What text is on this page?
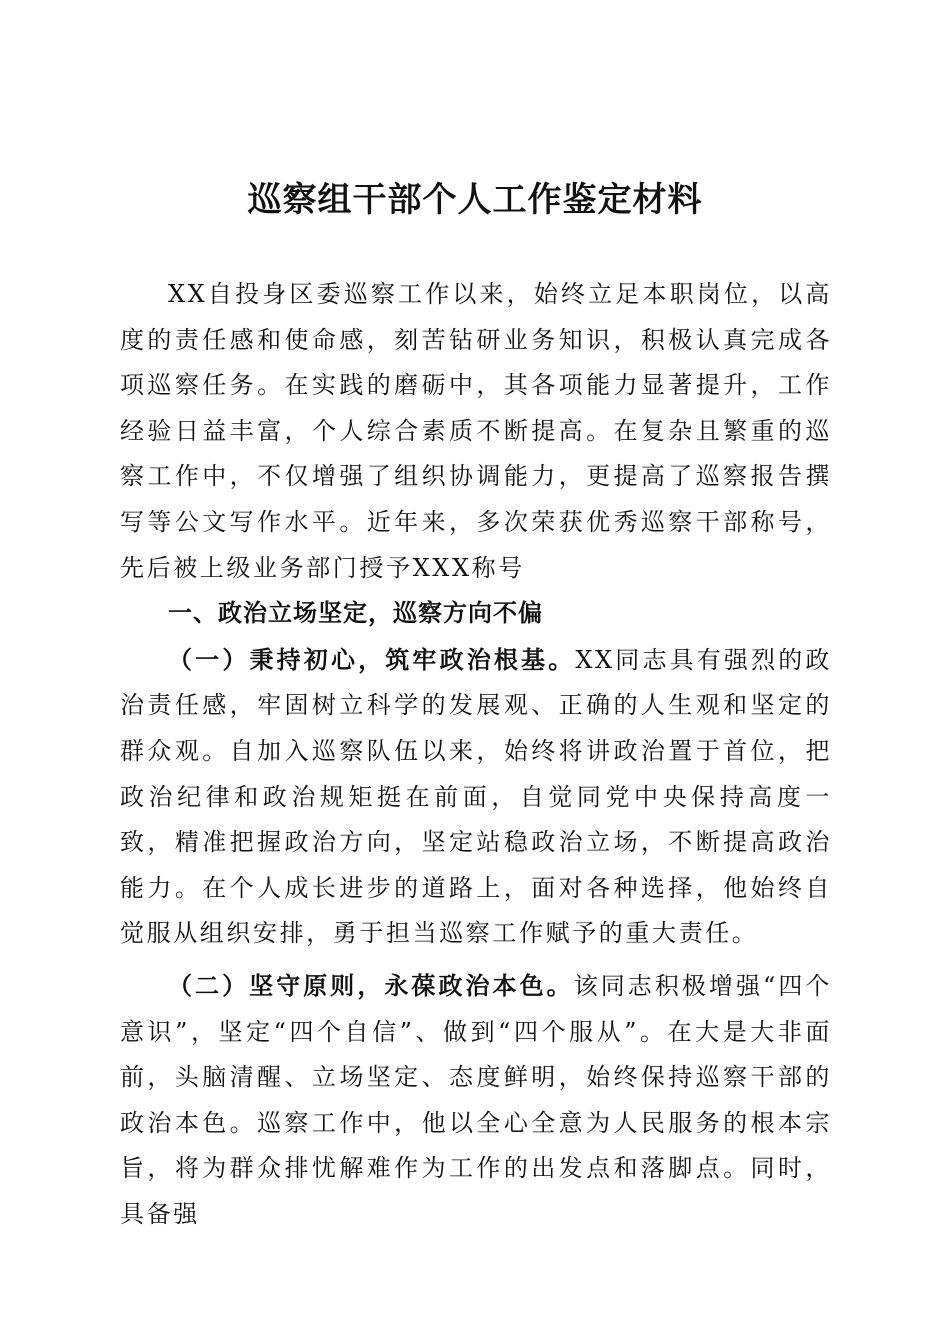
巡察组干部个人工作鉴定材料

XX自投身区委巡察工作以来，始终立足本职岗位，以高度的责任感和使命感，刻苦钻研业务知识，积极认真完成各项巡察任务。在实践的磨砺中，其各项能力显著提升，工作经验日益丰富，个人综合素质不断提高。在复杂且繁重的巡察工作中，不仅增强了组织协调能力，更提高了巡察报告撰写等公文写作水平。近年来，多次荣获优秀巡察干部称号，先后被上级业务部门授予XXX称号

一、政治立场坚定，巡察方向不偏

（一）秉持初心，筑牢政治根基。XX同志具有强烈的政治责任感，牢固树立科学的发展观、正确的人生观和坚定的群众观。自加入巡察队伍以来，始终将讲政治置于首位，把政治纪律和政治规矩挺在前面，自觉同党中央保持高度一致，精准把握政治方向，坚定站稳政治立场，不断提高政治能力。在个人成长进步的道路上，面对各种选择，他始终自觉服从组织安排，勇于担当巡察工作赋予的重大责任。

（二）坚守原则，永葆政治本色。该同志积极增强“四个意识”，坚定“四个自信”、做到“四个服从”。在大是大非面前，头脑清醒、立场坚定、态度鲜明，始终保持巡察干部的政治本色。巡察工作中，他以全心全意为人民服务的根本宗旨，将为群众排忧解难作为工作的出发点和落脚点。同时，具备强
